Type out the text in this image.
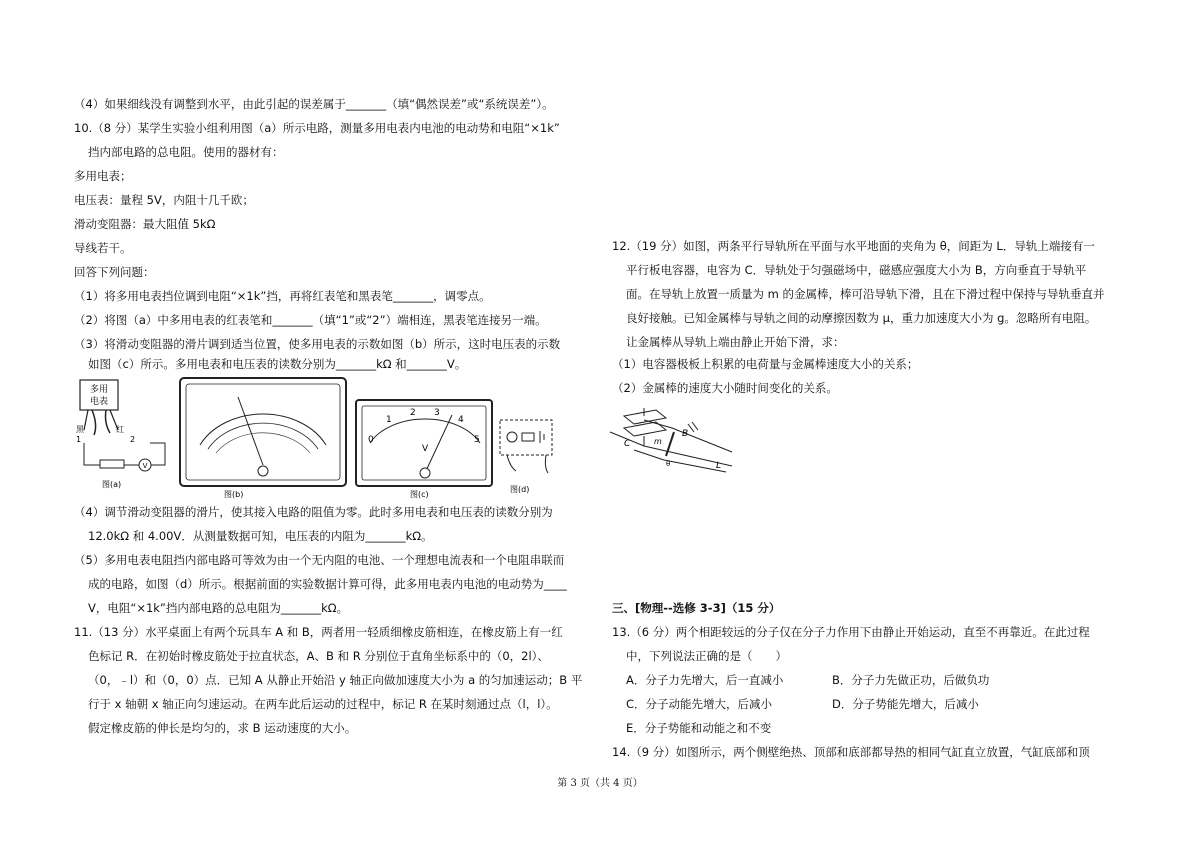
（4）如果细线没有调整到水平，由此引起的误差属于_______（填“偶然误差”或“系统误差”）。
10.（8 分）某学生实验小组利用图（a）所示电路，测量多用电表内电池的电动势和电阻“×1k”
挡内部电路的总电阻。使用的器材有：
多用电表；
电压表：量程 5V，内阻十几千欧；
滑动变阻器：最大阻值 5kΩ
导线若干。
回答下列问题：
（1）将多用电表挡位调到电阻“×1k”挡，再将红表笔和黑表笔_______，调零点。
（2）将图（a）中多用电表的红表笔和_______（填“1”或“2”）端相连，黑表笔连接另一端。
（3）将滑动变阻器的滑片调到适当位置，使多用电表的示数如图（b）所示，这时电压表的示数
如图（c）所示。多用电表和电压表的读数分别为_______kΩ 和_______V。
多用
电表
黑	红
1	2
V
图(a)
图(b)
0
1
2 3
4
5
V
图(c)
图(d)
（4）调节滑动变阻器的滑片，使其接入电路的阻值为零。此时多用电表和电压表的读数分别为
12.0kΩ 和 4.00V．从测量数据可知，电压表的内阻为_______kΩ。
（5）多用电表电阻挡内部电路可等效为由一个无内阻的电池、一个理想电流表和一个电阻串联而
成的电路，如图（d）所示。根据前面的实验数据计算可得，此多用电表内电池的电动势为____
V，电阻“×1k”挡内部电路的总电阻为_______kΩ。
11.（13 分）水平桌面上有两个玩具车 A 和 B，两者用一轻质细橡皮筋相连，在橡皮筋上有一红
色标记 R．在初始时橡皮筋处于拉直状态，A、B 和 R 分别位于直角坐标系中的（0，2l）、
（0，﹣l）和（0，0）点．已知 A 从静止开始沿 y 轴正向做加速度大小为 a 的匀加速运动；B 平
行于 x 轴朝 x 轴正向匀速运动。在两车此后运动的过程中，标记 R 在某时刻通过点（l，l）。
假定橡皮筋的伸长是均匀的，求 B 运动速度的大小。
12.（19 分）如图，两条平行导轨所在平面与水平地面的夹角为 θ，间距为 L．导轨上端接有一
平行板电容器，电容为 C．导轨处于匀强磁场中，磁感应强度大小为 B，方向垂直于导轨平
面。在导轨上放置一质量为 m 的金属棒，棒可沿导轨下滑，且在下滑过程中保持与导轨垂直并
良好接触。已知金属棒与导轨之间的动摩擦因数为 μ，重力加速度大小为 g。忽略所有电阻。
让金属棒从导轨上端由静止开始下滑，求：
（1）电容器极板上积累的电荷量与金属棒速度大小的关系；
（2）金属棒的速度大小随时间变化的关系。
C	m
B
L
θ
三、[物理--选修 3-3]（15 分）
13.（6 分）两个相距较远的分子仅在分子力作用下由静止开始运动，直至不再靠近。在此过程
中，下列说法正确的是（　　）
A．分子力先增大，后一直减小	B．分子力先做正功，后做负功
C．分子动能先增大，后减小	D．分子势能先增大，后减小
E．分子势能和动能之和不变
14.（9 分）如图所示，两个侧壁绝热、顶部和底部都导热的相同气缸直立放置，气缸底部和顶
第 3 页（共 4 页）
